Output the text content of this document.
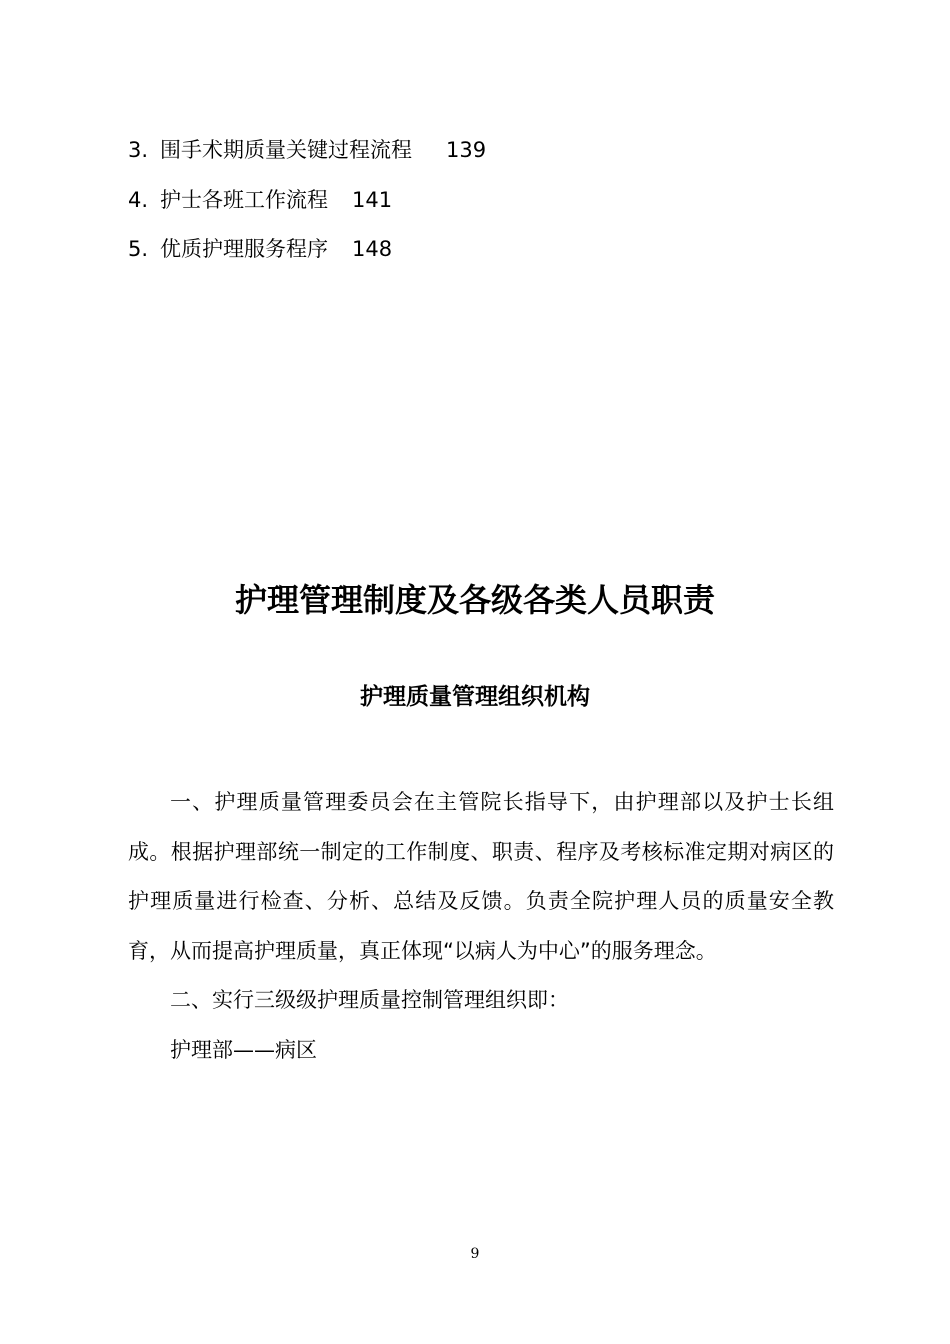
3. 围手术期质量关键过程流程 139
4. 护士各班工作流程 141
5. 优质护理服务程序 148
护理管理制度及各级各类人员职责
护理质量管理组织机构

一、护理质量管理委员会在主管院长指导下，由护理部以及护士长组成。根据护理部统一制定的工作制度、职责、程序及考核标准定期对病区的护理质量进行检查、分析、总结及反馈。负责全院护理人员的质量安全教育，从而提高护理质量，真正体现“以病人为中心”的服务理念。

二、实行三级级护理质量控制管理组织即：

护理部——病区

9
